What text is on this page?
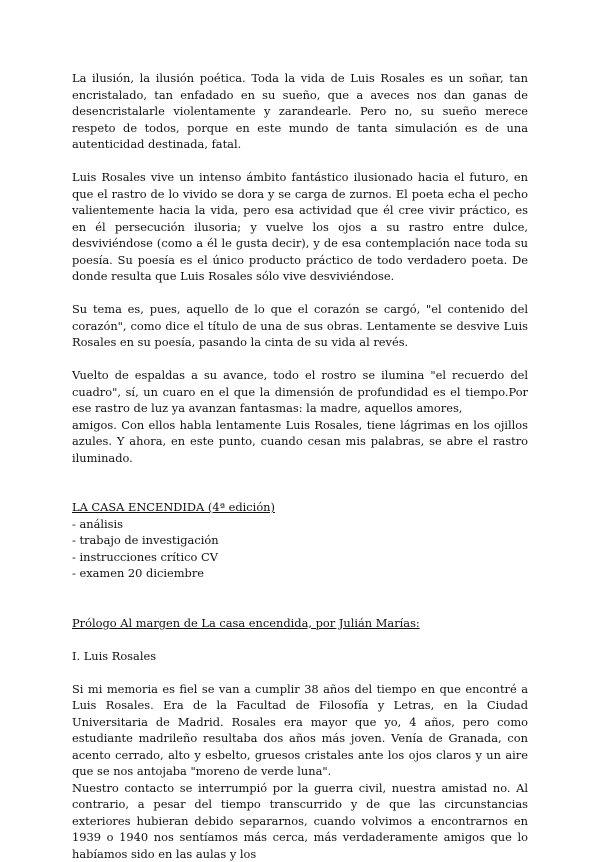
La ilusión, la ilusión poética. Toda la vida de Luis Rosales es un soñar, tan encristalado, tan enfadado en su sueño, que a aveces nos dan ganas de desencristalarle violentamente y zarandearle. Pero no, su sueño merece respeto de todos, porque en este mundo de tanta simulación es de una autenticidad destinada, fatal.

Luis Rosales vive un intenso ámbito fantástico ilusionado hacia el futuro, en que el rastro de lo vivido se dora y se carga de zurnos. El poeta echa el pecho valientemente hacia la vida, pero esa actividad que él cree vivir práctico, es en él persecución ilusoria; y vuelve los ojos a su rastro entre dulce, desviviéndose (como a él le gusta decir), y de esa contemplación nace toda su poesía. Su poesía es el único producto práctico de todo verdadero poeta. De donde resulta que Luis Rosales sólo vive desviviéndose.

Su tema es, pues, aquello de lo que el corazón se cargó, "el contenido del corazón", como dice el título de una de sus obras. Lentamente se desvive Luis Rosales en su poesía, pasando la cinta de su vida al revés.

Vuelto de espaldas a su avance, todo el rostro se ilumina "el recuerdo del cuadro", sí, un cuaro en el que la dimensión de profundidad es el tiempo.Por ese rastro de luz ya avanzan fantasmas: la madre, aquellos amores,

amigos. Con ellos habla lentamente Luis Rosales, tiene lágrimas en los ojillos azules. Y ahora, en este punto, cuando cesan mis palabras, se abre el rastro iluminado.

LA CASA ENCENDIDA (4ª edición)

- análisis
- trabajo de investigación
- instrucciones crítico CV
- examen 20 diciembre

Prólogo Al margen de La casa encendida, por Julián Marías:

I. Luis Rosales

Si mi memoria es fiel se van a cumplir 38 años del tiempo en que encontré a Luis Rosales. Era de la Facultad de Filosofía y Letras, en la Ciudad Universitaria de Madrid. Rosales era mayor que yo, 4 años, pero como estudiante madrileño resultaba dos años más joven. Venía de Granada, con acento cerrado, alto y esbelto, gruesos cristales ante los ojos claros y un aire que se nos antojaba "moreno de verde luna".

Nuestro contacto se interrumpió por la guerra civil, nuestra amistad no. Al contrario, a pesar del tiempo transcurrido y de que las circunstancias exteriores hubieran debido separarnos, cuando volvimos a encontrarnos en 1939 o 1940 nos sentíamos más cerca, más verdaderamente amigos que lo habíamos sido en las aulas y los
